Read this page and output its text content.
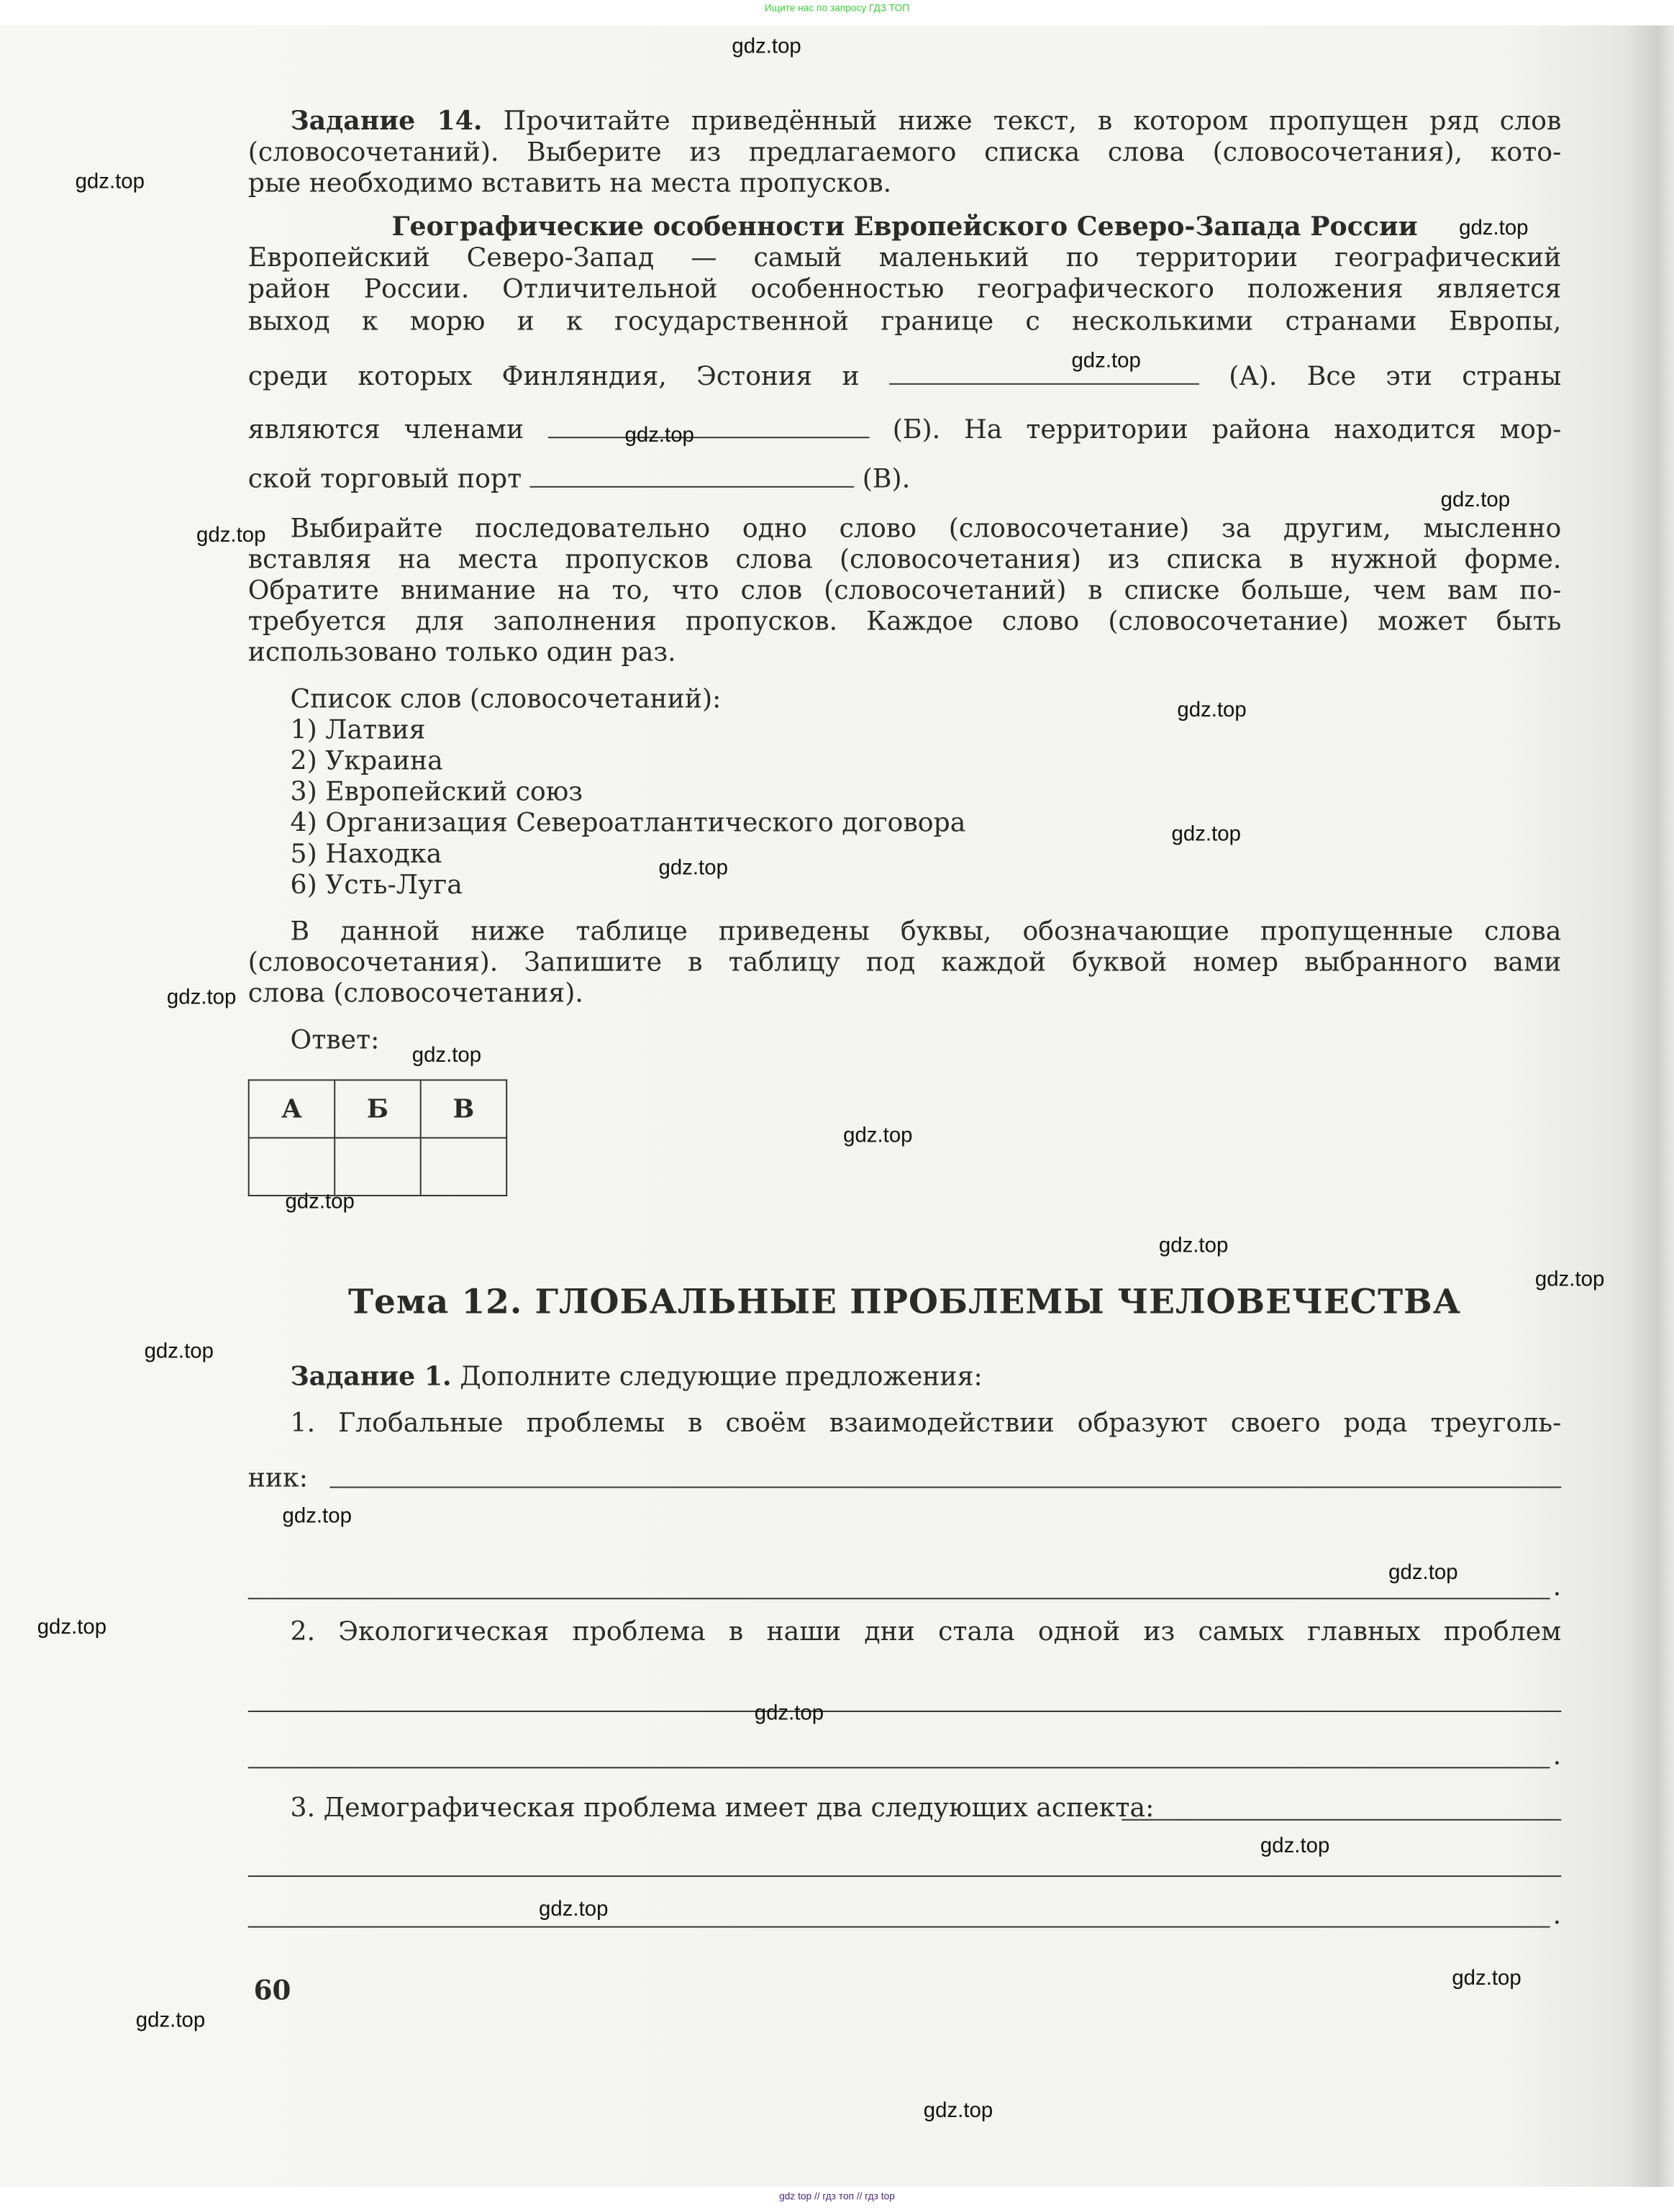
Ищите нас по запросу ГДЗ ТОП
Задание 14. Прочитайте приведённый ниже текст, в котором пропущен ряд слов
(словосочетаний). Выберите из предлагаемого списка слова (словосочетания), кото-
рые необходимо вставить на места пропусков.
Географические особенности Европейского Северо-Запада России
Европейский Северо-Запад — самый маленький по территории географический
район России. Отличительной особенностью географического положения является
выход к морю и к государственной границе с несколькими странами Европы,
среди которых Финляндия, Эстония и	(А). Все эти страны
являются членами	(Б). На территории района находится мор-
ской торговый порт	(В).
Выбирайте последовательно одно слово (словосочетание) за другим, мысленно
вставляя на места пропусков слова (словосочетания) из списка в нужной форме.
Обратите внимание на то, что слов (словосочетаний) в списке больше, чем вам по-
требуется для заполнения пропусков. Каждое слово (словосочетание) может быть
использовано только один раз.
Список слов (словосочетаний):
1) Латвия
2) Украина
3) Европейский союз
4) Организация Североатлантического договора
5) Находка
6) Усть-Луга
В данной ниже таблице приведены буквы, обозначающие пропущенные слова
(словосочетания). Запишите в таблицу под каждой буквой номер выбранного вами
слова (словосочетания).
Ответ:
А	Б	В

Тема 12. ГЛОБАЛЬНЫЕ ПРОБЛЕМЫ ЧЕЛОВЕЧЕСТВА
Задание 1. Дополните следующие предложения:
1. Глобальные проблемы в своём взаимодействии образуют своего рода треуголь-
ник:
.
2. Экологическая проблема в наши дни стала одной из самых главных проблем
.
3. Демографическая проблема имеет два следующих аспекта:
.
60
gdz.top
gdz.top
gdz.top
gdz.top
gdz.top
gdz.top
gdz.top
gdz.top
gdz.top
gdz.top
gdz.top
gdz.top
gdz.top
gdz.top
gdz.top
gdz.top
gdz.top
gdz.top
gdz.top
gdz.top
gdz.top
gdz.top
gdz.top
gdz.top
gdz.top
gdz.top
gdz top // гдз топ // гдз top
